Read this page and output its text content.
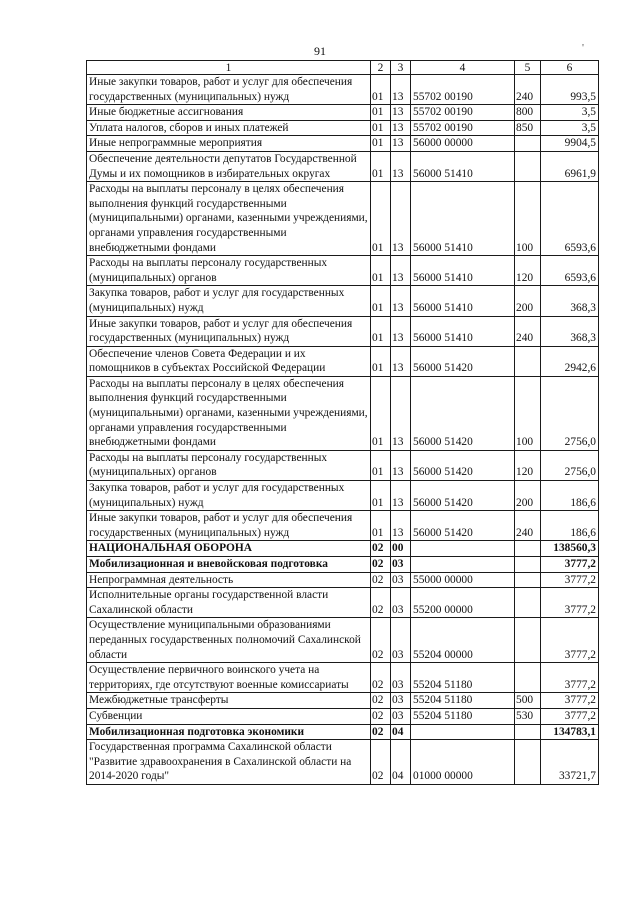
91	'
1	2	3	4	5	6
Иные закупки товаров, работ и услуг для обеспечения государственных (муниципальных) нужд	01	13	55702 00190	240	993,5
Иные бюджетные ассигнования	01	13	55702 00190	800	3,5
Уплата налогов, сборов и иных платежей	01	13	55702 00190	850	3,5
Иные непрограммные мероприятия	01	13	56000 00000		9904,5
Обеспечение деятельности депутатов Государственной Думы и их помощников в избирательных округах	01	13	56000 51410		6961,9
Расходы на выплаты персоналу в целях обеспечения выполнения функций государственными (муниципальными) органами, казенными учреждениями, органами управления государственными внебюджетными фондами	01	13	56000 51410	100	6593,6
Расходы на выплаты персоналу государственных (муниципальных) органов	01	13	56000 51410	120	6593,6
Закупка товаров, работ и услуг для государственных (муниципальных) нужд	01	13	56000 51410	200	368,3
Иные закупки товаров, работ и услуг для обеспечения государственных (муниципальных) нужд	01	13	56000 51410	240	368,3
Обеспечение членов Совета Федерации и их помощников в субъектах Российской Федерации	01	13	56000 51420		2942,6
Расходы на выплаты персоналу в целях обеспечения выполнения функций государственными (муниципальными) органами, казенными учреждениями, органами управления государственными внебюджетными фондами	01	13	56000 51420	100	2756,0
Расходы на выплаты персоналу государственных (муниципальных) органов	01	13	56000 51420	120	2756,0
Закупка товаров, работ и услуг для государственных (муниципальных) нужд	01	13	56000 51420	200	186,6
Иные закупки товаров, работ и услуг для обеспечения государственных (муниципальных) нужд	01	13	56000 51420	240	186,6
НАЦИОНАЛЬНАЯ ОБОРОНА	02	00			138560,3
Мобилизационная и вневойсковая подготовка	02	03			3777,2
Непрограммная деятельность	02	03	55000 00000		3777,2
Исполнительные органы государственной власти Сахалинской области	02	03	55200 00000		3777,2
Осуществление муниципальными образованиями переданных государственных полномочий Сахалинской области	02	03	55204 00000		3777,2
Осуществление первичного воинского учета на территориях, где отсутствуют военные комиссариаты	02	03	55204 51180		3777,2
Межбюджетные трансферты	02	03	55204 51180	500	3777,2
Субвенции	02	03	55204 51180	530	3777,2
Мобилизационная подготовка экономики	02	04			134783,1
Государственная программа Сахалинской области "Развитие здравоохранения в Сахалинской области на 2014-2020 годы"	02	04	01000 00000		33721,7
